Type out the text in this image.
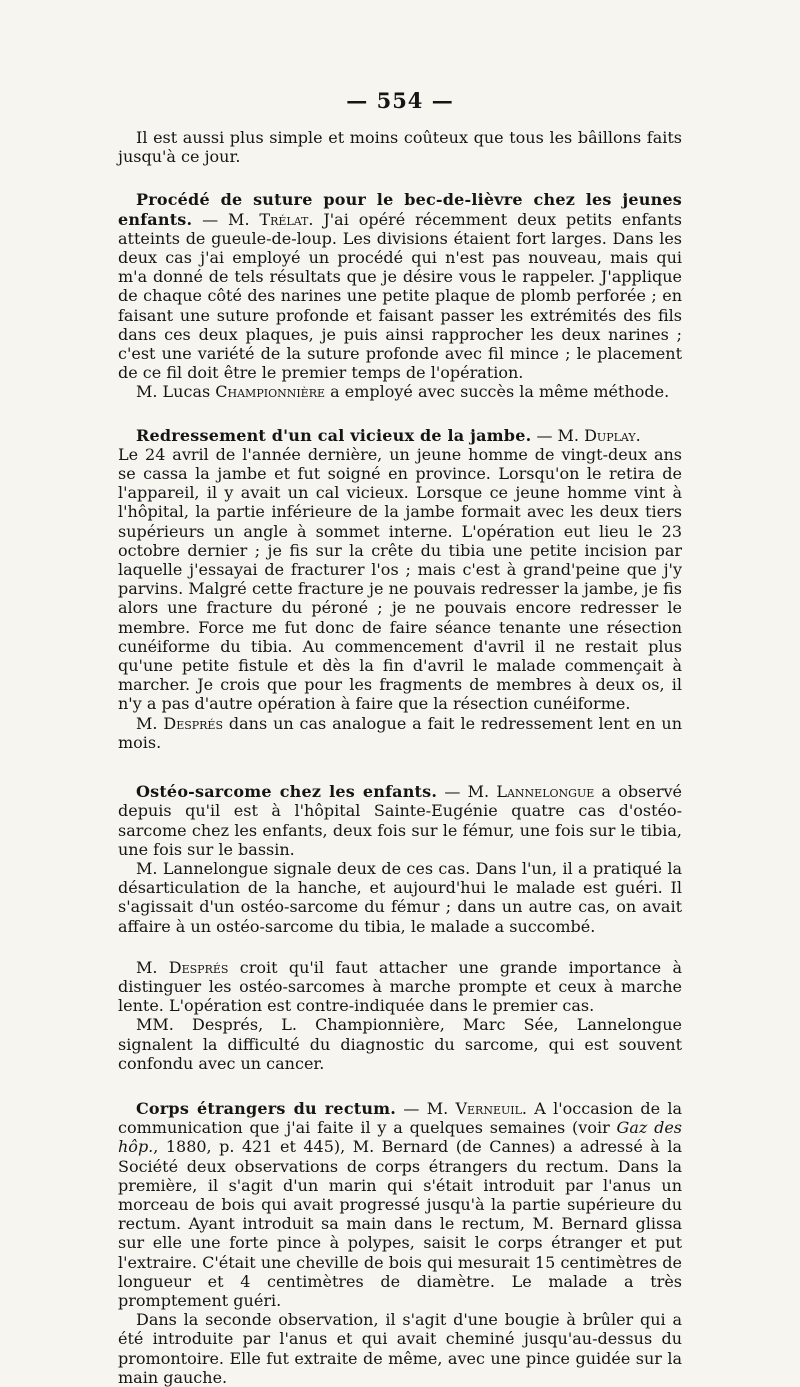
— 554 —

Il est aussi plus simple et moins coûteux que tous les bâillons faits jusqu'à ce jour.

Procédé de suture pour le bec-de-lièvre chez les jeunes enfants. — M. Trélat. J'ai opéré récemment deux petits enfants atteints de gueule-de-loup. Les divisions étaient fort larges. Dans les deux cas j'ai employé un procédé qui n'est pas nouveau, mais qui m'a donné de tels résultats que je désire vous le rappeler. J'applique de chaque côté des narines une petite plaque de plomb perforée ; en faisant une suture profonde et faisant passer les extrémités des fils dans ces deux plaques, je puis ainsi rapprocher les deux narines ; c'est une variété de la suture profonde avec fil mince ; le placement de ce fil doit être le premier temps de l'opération.

M. Lucas Championnière a employé avec succès la même méthode.

Redressement d'un cal vicieux de la jambe. — M. Duplay.

Le 24 avril de l'année dernière, un jeune homme de vingt-deux ans se cassa la jambe et fut soigné en province. Lorsqu'on le retira de l'appareil, il y avait un cal vicieux. Lorsque ce jeune homme vint à l'hôpital, la partie inférieure de la jambe formait avec les deux tiers supérieurs un angle à sommet interne. L'opération eut lieu le 23 octobre dernier ; je fis sur la crête du tibia une petite incision par laquelle j'essayai de fracturer l'os ; mais c'est à grand'peine que j'y parvins. Malgré cette fracture je ne pouvais redresser la jambe, je fis alors une fracture du péroné ; je ne pouvais encore redresser le membre. Force me fut donc de faire séance tenante une résection cunéiforme du tibia. Au commencement d'avril il ne restait plus qu'une petite fistule et dès la fin d'avril le malade commençait à marcher. Je crois que pour les fragments de membres à deux os, il n'y a pas d'autre opération à faire que la résection cunéiforme.

M. Després dans un cas analogue a fait le redressement lent en un mois.

Ostéo-sarcome chez les enfants. — M. Lannelongue a observé depuis qu'il est à l'hôpital Sainte-Eugénie quatre cas d'ostéo-sarcome chez les enfants, deux fois sur le fémur, une fois sur le tibia, une fois sur le bassin.

M. Lannelongue signale deux de ces cas. Dans l'un, il a pratiqué la désarticulation de la hanche, et aujourd'hui le malade est guéri. Il s'agissait d'un ostéo-sarcome du fémur ; dans un autre cas, on avait affaire à un ostéo-sarcome du tibia, le malade a succombé.

M. Després croit qu'il faut attacher une grande importance à distinguer les ostéo-sarcomes à marche prompte et ceux à marche lente. L'opération est contre-indiquée dans le premier cas.

MM. Després, L. Championnière, Marc Sée, Lannelongue signalent la difficulté du diagnostic du sarcome, qui est souvent confondu avec un cancer.

Corps étrangers du rectum. — M. Verneuil. A l'occasion de la communication que j'ai faite il y a quelques semaines (voir Gaz des hôp., 1880, p. 421 et 445), M. Bernard (de Cannes) a adressé à la Société deux observations de corps étrangers du rectum. Dans la première, il s'agit d'un marin qui s'était introduit par l'anus un morceau de bois qui avait progressé jusqu'à la partie supérieure du rectum. Ayant introduit sa main dans le rectum, M. Bernard glissa sur elle une forte pince à polypes, saisit le corps étranger et put l'extraire. C'était une cheville de bois qui mesurait 15 centimètres de longueur et 4 centimètres de diamètre. Le malade a très promptement guéri.

Dans la seconde observation, il s'agit d'une bougie à brûler qui a été introduite par l'anus et qui avait cheminé jusqu'au-dessus du promontoire. Elle fut extraite de même, avec une pince guidée sur la main gauche.
